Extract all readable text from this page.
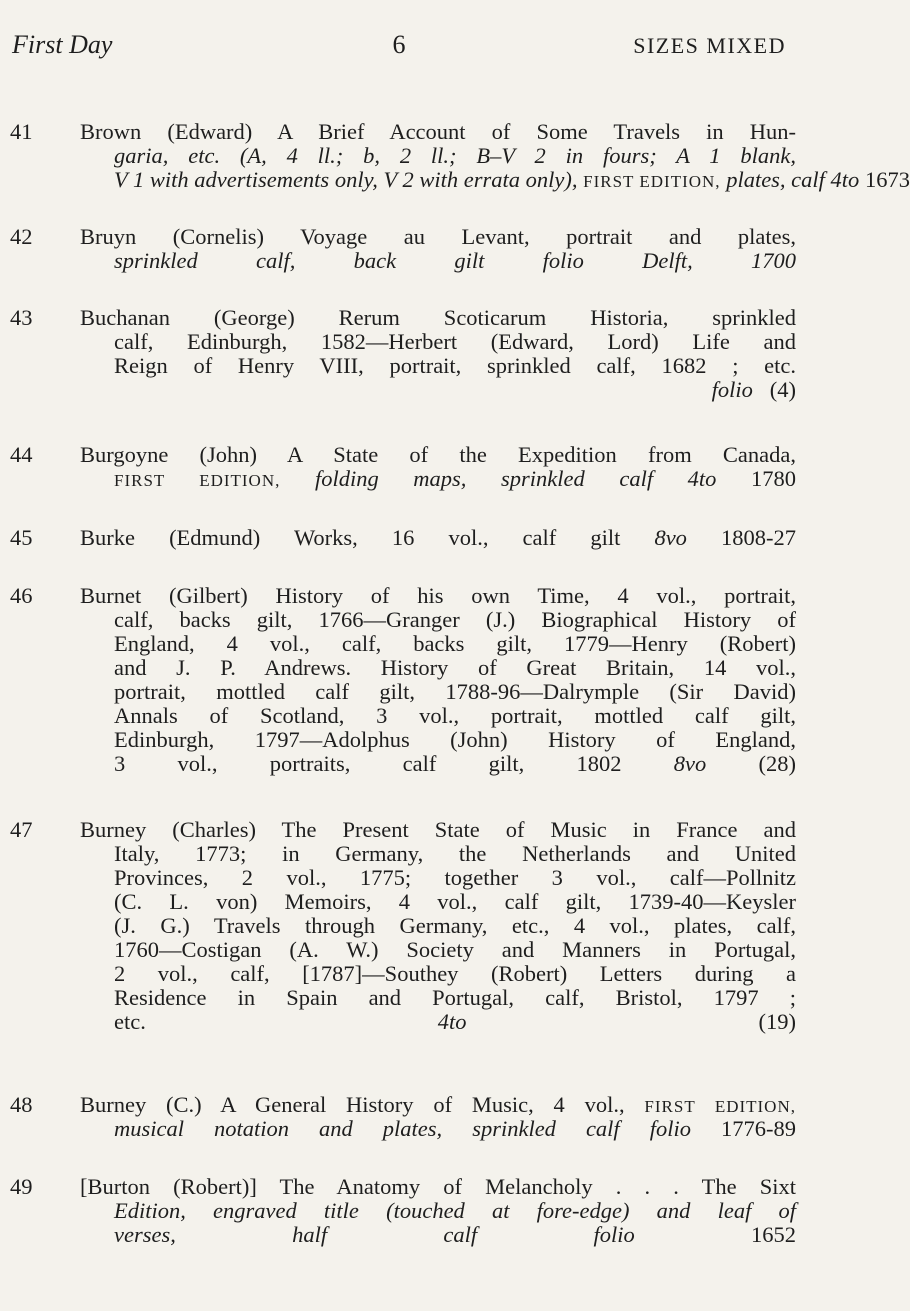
First Day	6	SIZES MIXED
41 Brown (Edward) A Brief Account of Some Travels in Hun-
garia, etc. (A, 4 ll.; b, 2 ll.; B–V 2 in fours; A 1 blank,
V 1 with advertisements only, V 2 with errata only), FIRST EDITION, plates, calf 4to 1673
42 Bruyn (Cornelis) Voyage au Levant, portrait and plates,
sprinkled calf, back gilt	folio	Delft, 1700
43 Buchanan (George) Rerum Scoticarum Historia, sprinkled
calf, Edinburgh, 1582—Herbert (Edward, Lord) Life and
Reign of Henry VIII, portrait, sprinkled calf, 1682 ; etc.
folio (4)
44 Burgoyne (John) A State of the Expedition from Canada,
FIRST EDITION, folding maps, sprinkled calf 4to 1780
45 Burke (Edmund) Works, 16 vol., calf gilt 8vo 1808-27
46 Burnet (Gilbert) History of his own Time, 4 vol., portrait,
calf, backs gilt, 1766—Granger (J.) Biographical History of
England, 4 vol., calf, backs gilt, 1779—Henry (Robert)
and J. P. Andrews. History of Great Britain, 14 vol.,
portrait, mottled calf gilt, 1788-96—Dalrymple (Sir David)
Annals of Scotland, 3 vol., portrait, mottled calf gilt,
Edinburgh, 1797—Adolphus (John) History of England,
3 vol., portraits, calf gilt, 1802 8vo (28)
47 Burney (Charles) The Present State of Music in France and
Italy, 1773; in Germany, the Netherlands and United
Provinces, 2 vol., 1775; together 3 vol., calf—Pollnitz
(C. L. von) Memoirs, 4 vol., calf gilt, 1739-40—Keysler
(J. G.) Travels through Germany, etc., 4 vol., plates, calf,
1760—Costigan (A. W.) Society and Manners in Portugal,
2 vol., calf, [1787]—Southey (Robert) Letters during a
Residence in Spain and Portugal, calf, Bristol, 1797 ;
etc.	4to	(19)
48 Burney (C.) A General History of Music, 4 vol., FIRST EDITION,
musical notation and plates, sprinkled calf folio 1776-89
49 [Burton (Robert)] The Anatomy of Melancholy . . . The Sixt
Edition, engraved title (touched at fore-edge) and leaf of
verses, half calf	folio	1652
